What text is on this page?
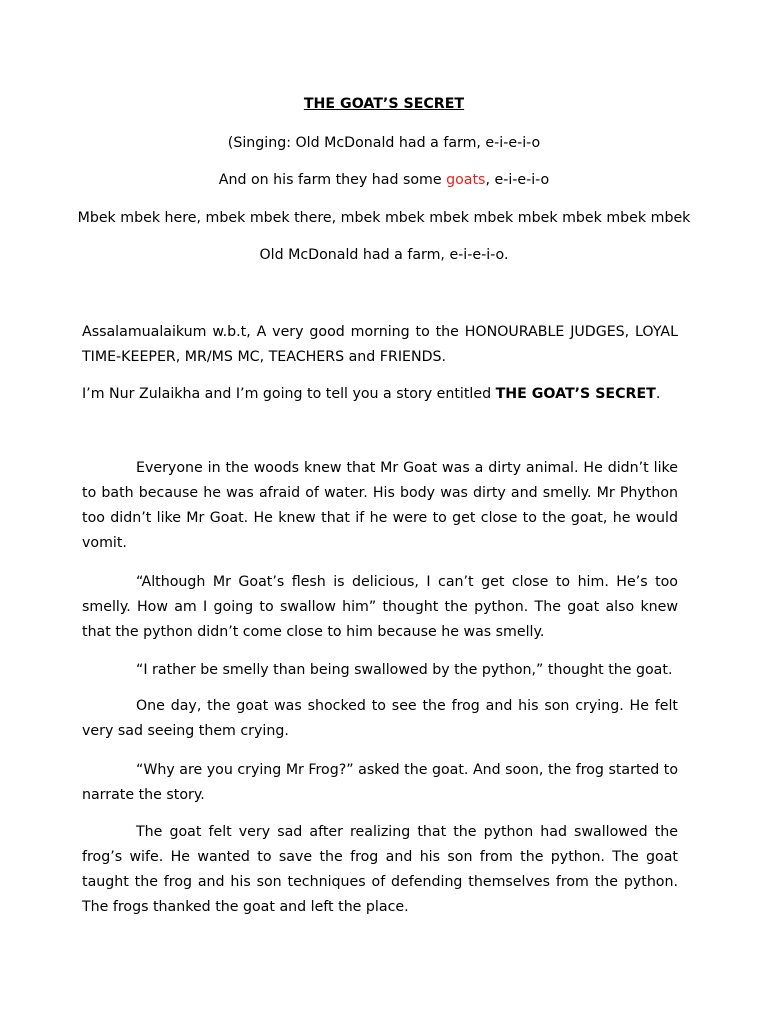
THE GOAT’S SECRET
(Singing: Old McDonald had a farm, e-i-e-i-o
And on his farm they had some goats, e-i-e-i-o
Mbek mbek here, mbek mbek there, mbek mbek mbek mbek mbek mbek mbek mbek
Old McDonald had a farm, e-i-e-i-o.

Assalamualaikum w.b.t, A very good morning to the HONOURABLE JUDGES, LOYAL TIME-KEEPER, MR/MS MC, TEACHERS and FRIENDS.

I’m Nur Zulaikha and I’m going to tell you a story entitled THE GOAT’S SECRET.

Everyone in the woods knew that Mr Goat was a dirty animal. He didn’t like to bath because he was afraid of water. His body was dirty and smelly. Mr Phython too didn’t like Mr Goat. He knew that if he were to get close to the goat, he would vomit.

“Although Mr Goat’s flesh is delicious, I can’t get close to him. He’s too smelly. How am I going to swallow him” thought the python. The goat also knew that the python didn’t come close to him because he was smelly.

“I rather be smelly than being swallowed by the python,” thought the goat.

One day, the goat was shocked to see the frog and his son crying. He felt very sad seeing them crying.

“Why are you crying Mr Frog?” asked the goat. And soon, the frog started to narrate the story.

The goat felt very sad after realizing that the python had swallowed the frog’s wife. He wanted to save the frog and his son from the python. The goat taught the frog and his son techniques of defending themselves from the python. The frogs thanked the goat and left the place.
